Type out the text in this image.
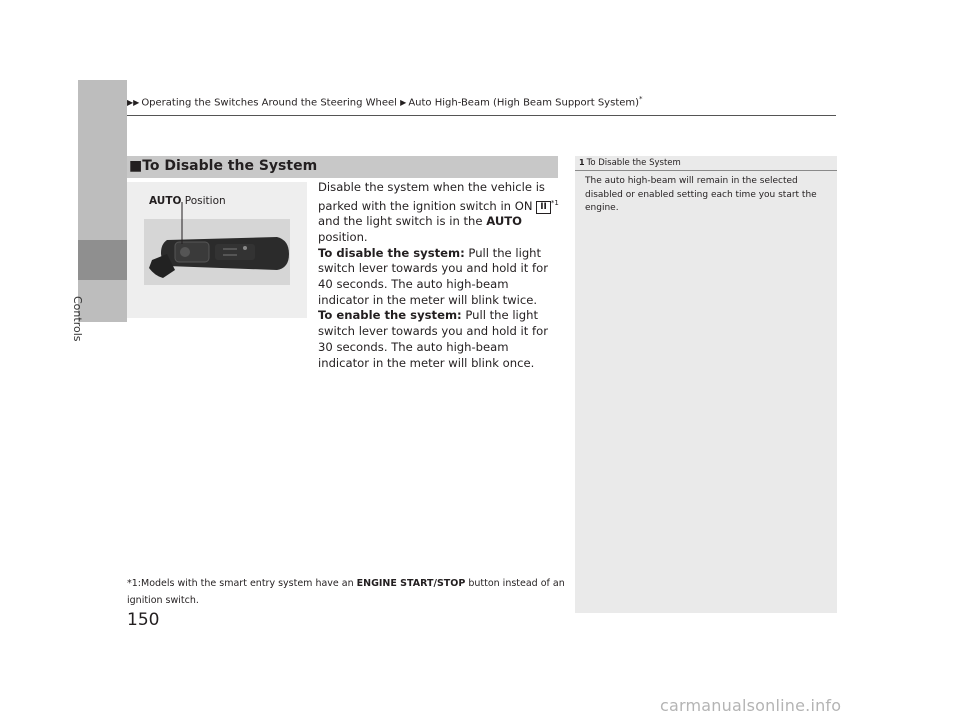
Controls
▶▶ Operating the Switches Around the Steering Wheel ▶ Auto High-Beam (High Beam Support System)*
■To Disable the System
AUTO Position

Disable the system when the vehicle is parked with the ignition switch in ON II $^{*1}$ and the light switch is in the AUTO position.

To disable the system: Pull the light switch lever towards you and hold it for 40 seconds. The auto high-beam indicator in the meter will blink twice.

To enable the system: Pull the light switch lever towards you and hold it for 30 seconds. The auto high-beam indicator in the meter will blink once.

*1:Models with the smart entry system have an ENGINE START/STOP button instead of an ignition switch.
150
1 To Disable the System
The auto high-beam will remain in the selected disabled or enabled setting each time you start the engine.
carmanualsonline.info
